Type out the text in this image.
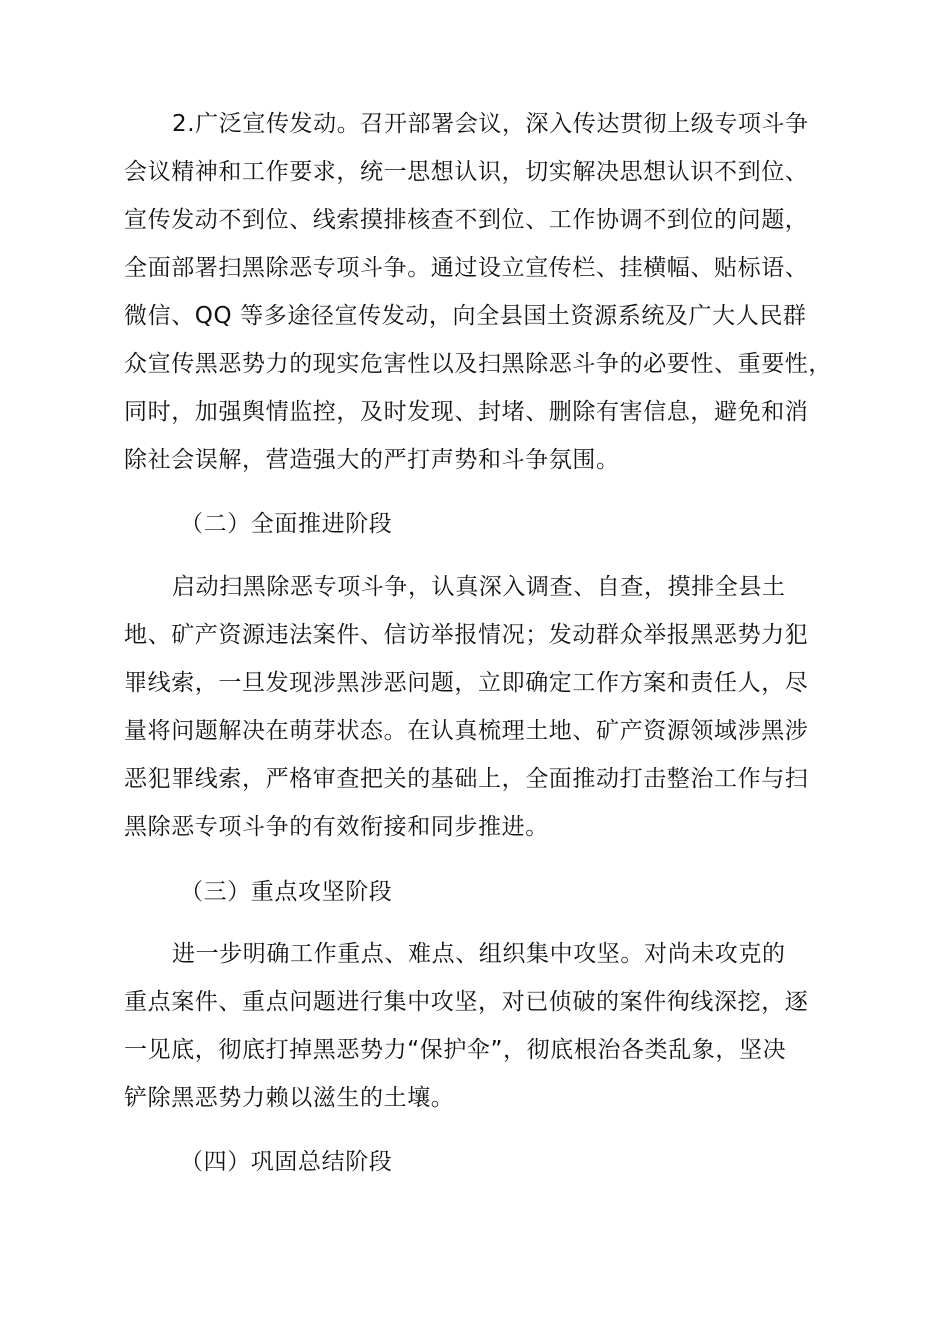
2.广泛宣传发动。召开部署会议，深入传达贯彻上级专项斗争

会议精神和工作要求，统一思想认识，切实解决思想认识不到位、

宣传发动不到位、线索摸排核查不到位、工作协调不到位的问题，

全面部署扫黑除恶专项斗争。通过设立宣传栏、挂横幅、贴标语、

微信、QQ 等多途径宣传发动，向全县国土资源系统及广大人民群

众宣传黑恶势力的现实危害性以及扫黑除恶斗争的必要性、重要性，

同时，加强舆情监控，及时发现、封堵、删除有害信息，避免和消

除社会误解，营造强大的严打声势和斗争氛围。

（二）全面推进阶段

启动扫黑除恶专项斗争，认真深入调查、自查，摸排全县土

地、矿产资源违法案件、信访举报情况；发动群众举报黑恶势力犯

罪线索，一旦发现涉黑涉恶问题，立即确定工作方案和责任人，尽

量将问题解决在萌芽状态。在认真梳理土地、矿产资源领域涉黑涉

恶犯罪线索，严格审查把关的基础上，全面推动打击整治工作与扫

黑除恶专项斗争的有效衔接和同步推进。

（三）重点攻坚阶段

进一步明确工作重点、难点、组织集中攻坚。对尚未攻克的

重点案件、重点问题进行集中攻坚，对已侦破的案件徇线深挖，逐

一见底，彻底打掉黑恶势力“保护伞”，彻底根治各类乱象，坚决

铲除黑恶势力赖以滋生的土壤。

（四）巩固总结阶段
